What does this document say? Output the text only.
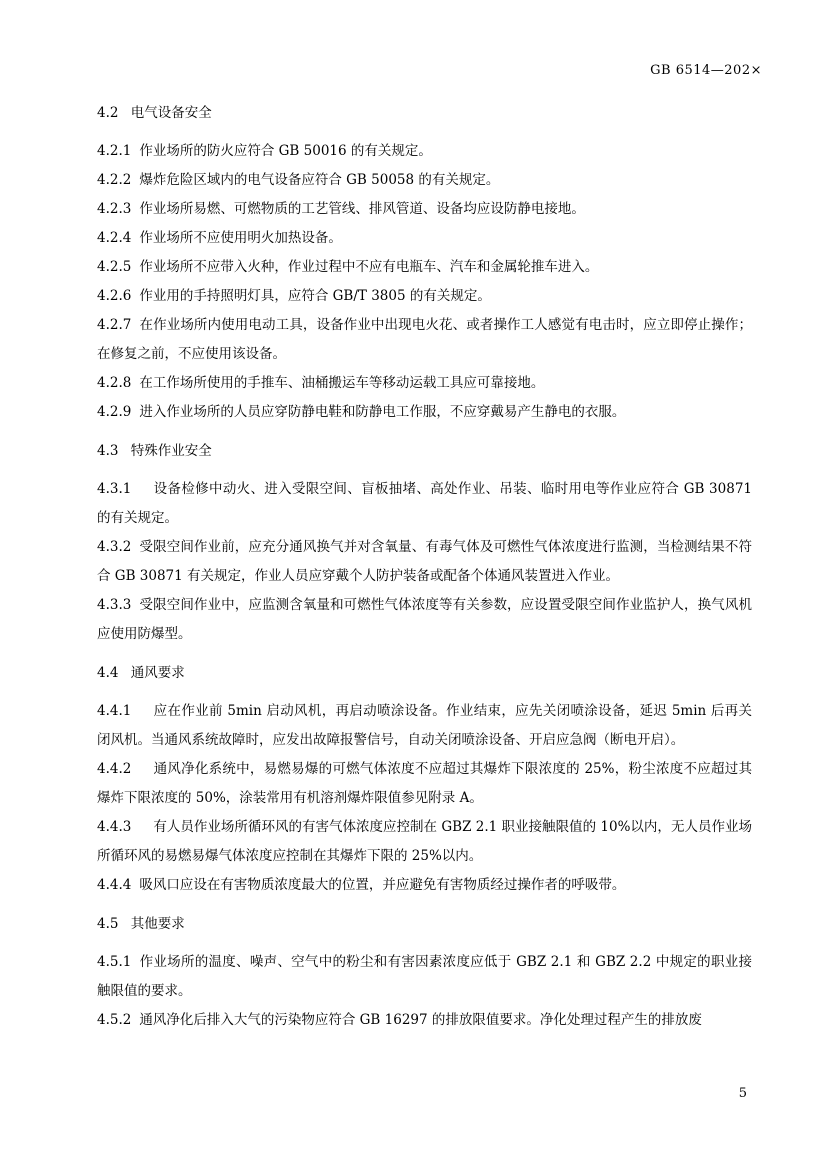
GB 6514—202×
4.2 电气设备安全
4.2.1 作业场所的防火应符合 GB 50016 的有关规定。
4.2.2 爆炸危险区域内的电气设备应符合 GB 50058 的有关规定。
4.2.3 作业场所易燃、可燃物质的工艺管线、排风管道、设备均应设防静电接地。
4.2.4 作业场所不应使用明火加热设备。
4.2.5 作业场所不应带入火种，作业过程中不应有电瓶车、汽车和金属轮推车进入。
4.2.6 作业用的手持照明灯具，应符合 GB/T 3805 的有关规定。
4.2.7 在作业场所内使用电动工具，设备作业中出现电火花、或者操作工人感觉有电击时，应立即停止操作；在修复之前，不应使用该设备。
4.2.8 在工作场所使用的手推车、油桶搬运车等移动运载工具应可靠接地。
4.2.9 进入作业场所的人员应穿防静电鞋和防静电工作服，不应穿戴易产生静电的衣服。
4.3 特殊作业安全
4.3.1 设备检修中动火、进入受限空间、盲板抽堵、高处作业、吊装、临时用电等作业应符合 GB 30871 的有关规定。
4.3.2 受限空间作业前，应充分通风换气并对含氧量、有毒气体及可燃性气体浓度进行监测，当检测结果不符合 GB 30871 有关规定，作业人员应穿戴个人防护装备或配备个体通风装置进入作业。
4.3.3 受限空间作业中，应监测含氧量和可燃性气体浓度等有关参数，应设置受限空间作业监护人，换气风机应使用防爆型。
4.4 通风要求
4.4.1 应在作业前 5min 启动风机，再启动喷涂设备。作业结束，应先关闭喷涂设备，延迟 5min 后再关闭风机。当通风系统故障时，应发出故障报警信号，自动关闭喷涂设备、开启应急阀（断电开启）。
4.4.2 通风净化系统中，易燃易爆的可燃气体浓度不应超过其爆炸下限浓度的 25%，粉尘浓度不应超过其爆炸下限浓度的 50%，涂装常用有机溶剂爆炸限值参见附录 A。
4.4.3 有人员作业场所循环风的有害气体浓度应控制在 GBZ 2.1 职业接触限值的 10%以内，无人员作业场所循环风的易燃易爆气体浓度应控制在其爆炸下限的 25%以内。
4.4.4 吸风口应设在有害物质浓度最大的位置，并应避免有害物质经过操作者的呼吸带。
4.5 其他要求
4.5.1 作业场所的温度、噪声、空气中的粉尘和有害因素浓度应低于 GBZ 2.1 和 GBZ 2.2 中规定的职业接触限值的要求。
4.5.2 通风净化后排入大气的污染物应符合 GB 16297 的排放限值要求。净化处理过程产生的排放废
5
